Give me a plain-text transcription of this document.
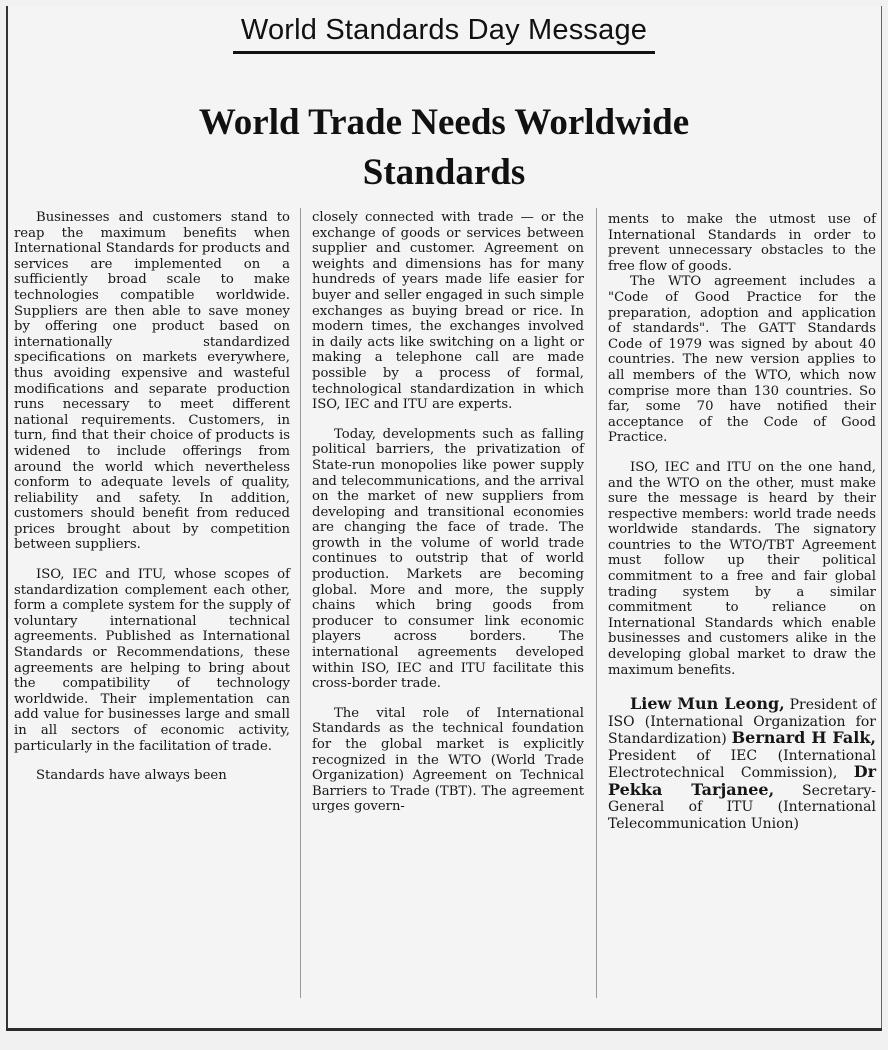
World Standards Day Message
World Trade Needs Worldwide
Standards

Businesses and customers stand to reap the maximum benefits when International Standards for products and services are implemented on a sufficiently broad scale to make technologies compatible worldwide. Suppliers are then able to save money by offering one product based on internationally standardized specifications on markets everywhere, thus avoiding expensive and wasteful modifications and separate production runs necessary to meet different national requirements. Customers, in turn, find that their choice of products is widened to include offerings from around the world which nevertheless conform to adequate levels of quality, reliability and safety. In addition, customers should benefit from reduced prices brought about by competition between suppliers.

ISO, IEC and ITU, whose scopes of standardization complement each other, form a complete system for the supply of voluntary international technical agreements. Published as International Standards or Recommendations, these agreements are helping to bring about the compatibility of technology worldwide. Their implementation can add value for businesses large and small in all sectors of economic activity, particularly in the facilitation of trade.

Standards have always been

closely connected with trade — or the exchange of goods or services between supplier and customer. Agreement on weights and dimensions has for many hundreds of years made life easier for buyer and seller engaged in such simple exchanges as buying bread or rice. In modern times, the exchanges involved in daily acts like switching on a light or making a telephone call are made possible by a process of formal, technological standardization in which ISO, IEC and ITU are experts.

Today, developments such as falling political barriers, the privatization of State-run monopolies like power supply and telecommunications, and the arrival on the market of new suppliers from developing and transitional economies are changing the face of trade. The growth in the volume of world trade continues to outstrip that of world production. Markets are becoming global. More and more, the supply chains which bring goods from producer to consumer link economic players across borders. The international agreements developed within ISO, IEC and ITU facilitate this cross-border trade.

The vital role of International Standards as the technical foundation for the global market is explicitly recognized in the WTO (World Trade Organization) Agreement on Technical Barriers to Trade (TBT). The agreement urges govern-

ments to make the utmost use of International Standards in order to prevent unnecessary obstacles to the free flow of goods.

The WTO agreement includes a "Code of Good Practice for the preparation, adoption and application of standards". The GATT Standards Code of 1979 was signed by about 40 countries. The new version applies to all members of the WTO, which now comprise more than 130 countries. So far, some 70 have notified their acceptance of the Code of Good Practice.

ISO, IEC and ITU on the one hand, and the WTO on the other, must make sure the message is heard by their respective members: world trade needs worldwide standards. The signatory countries to the WTO/TBT Agreement must follow up their political commitment to a free and fair global trading system by a similar commitment to reliance on International Standards which enable businesses and customers alike in the developing global market to draw the maximum benefits.

Liew Mun Leong, President of ISO (International Organization for Standardization) Bernard H Falk, President of IEC (International Electrotechnical Commission), Dr Pekka Tarjanee, Secretary-General of ITU (International Telecommunication Union)
